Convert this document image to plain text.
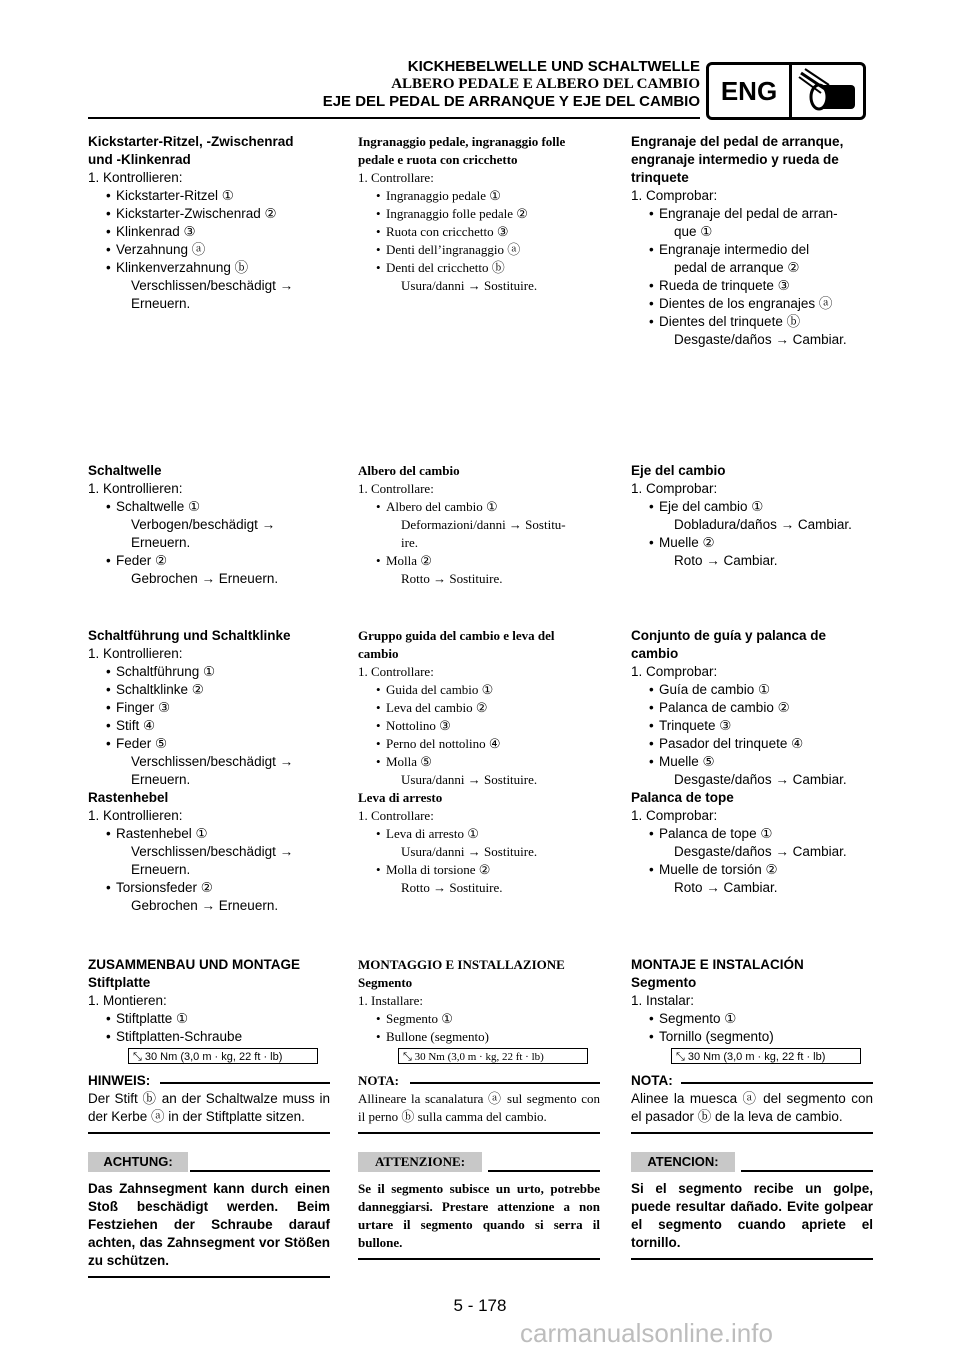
KICKHEBELWELLE UND SCHALTWELLE
ALBERO PEDALE E ALBERO DEL CAMBIO
EJE DEL PEDAL DE ARRANQUE Y EJE DEL CAMBIO ENG
Kickstarter-Ritzel, -Zwischenrad
und -Klinkenrad
1. Kontrollieren:
• Kickstarter-Ritzel ①
• Kickstarter-Zwischenrad ②
• Klinkenrad ③
• Verzahnung ⓐ
• Klinkenverzahnung ⓑ
Verschlissen/beschädigt →
Erneuern.
Schaltwelle
1. Kontrollieren:
• Schaltwelle ①
Verbogen/beschädigt →
Erneuern.
• Feder ②
Gebrochen → Erneuern.
Schaltführung und Schaltklinke
1. Kontrollieren:
• Schaltführung ①
• Schaltklinke ②
• Finger ③
• Stift ④
• Feder ⑤
Verschlissen/beschädigt →
Erneuern.
Rastenhebel
1. Kontrollieren:
• Rastenhebel ①
Verschlissen/beschädigt →
Erneuern.
• Torsionsfeder ②
Gebrochen → Erneuern.
ZUSAMMENBAU UND MONTAGE
Stiftplatte
1. Montieren:
• Stiftplatte ①
• Stiftplatten-Schraube
⤡ 30 Nm (3,0 m · kg, 22 ft · lb)
HINWEIS:
Der Stift ⓑ an der Schaltwalze muss in der Kerbe ⓐ in der Stiftplatte sitzen.
ACHTUNG:
Das Zahnsegment kann durch einen Stoß beschädigt werden. Beim Festziehen der Schraube darauf achten, das Zahnsegment vor Stößen zu schützen.
Ingranaggio pedale, ingranaggio folle
pedale e ruota con cricchetto
1. Controllare:
• Ingranaggio pedale ①
• Ingranaggio folle pedale ②
• Ruota con cricchetto ③
• Denti dell’ingranaggio ⓐ
• Denti del cricchetto ⓑ
Usura/danni → Sostituire.
Albero del cambio
1. Controllare:
• Albero del cambio ①
Deformazioni/danni → Sostitu-
ire.
• Molla ②
Rotto → Sostituire.
Gruppo guida del cambio e leva del
cambio
1. Controllare:
• Guida del cambio ①
• Leva del cambio ②
• Nottolino ③
• Perno del nottolino ④
• Molla ⑤
Usura/danni → Sostituire.
Leva di arresto
1. Controllare:
• Leva di arresto ①
Usura/danni → Sostituire.
• Molla di torsione ②
Rotto → Sostituire.
MONTAGGIO E INSTALLAZIONE
Segmento
1. Installare:
• Segmento ①
• Bullone (segmento)
⤡ 30 Nm (3,0 m · kg, 22 ft · lb)
NOTA:
Allineare la scanalatura ⓐ sul segmento con il perno ⓑ sulla camma del cambio.
ATTENZIONE:
Se il segmento subisce un urto, potrebbe danneggiarsi. Prestare attenzione a non urtare il segmento quando si serra il bullone.
Engranaje del pedal de arranque,
engranaje intermedio y rueda de
trinquete
1. Comprobar:
• Engranaje del pedal de arran-
que ①
• Engranaje intermedio del
pedal de arranque ②
• Rueda de trinquete ③
• Dientes de los engranajes ⓐ
• Dientes del trinquete ⓑ
Desgaste/daños → Cambiar.
Eje del cambio
1. Comprobar:
• Eje del cambio ①
Dobladura/daños → Cambiar.
• Muelle ②
Roto → Cambiar.
Conjunto de guía y palanca de
cambio
1. Comprobar:
• Guía de cambio ①
• Palanca de cambio ②
• Trinquete ③
• Pasador del trinquete ④
• Muelle ⑤
Desgaste/daños → Cambiar.
Palanca de tope
1. Comprobar:
• Palanca de tope ①
Desgaste/daños → Cambiar.
• Muelle de torsión ②
Roto → Cambiar.
MONTAJE E INSTALACIÓN
Segmento
1. Instalar:
• Segmento ①
• Tornillo (segmento)
⤡ 30 Nm (3,0 m · kg, 22 ft · lb)
NOTA:
Alinee la muesca ⓐ del segmento con el pasador ⓑ de la leva de cambio.
ATENCION:
Si el segmento recibe un golpe, puede resultar dañado. Evite golpear el segmento cuando apriete el tornillo.
5 - 178
carmanualsonline.info
